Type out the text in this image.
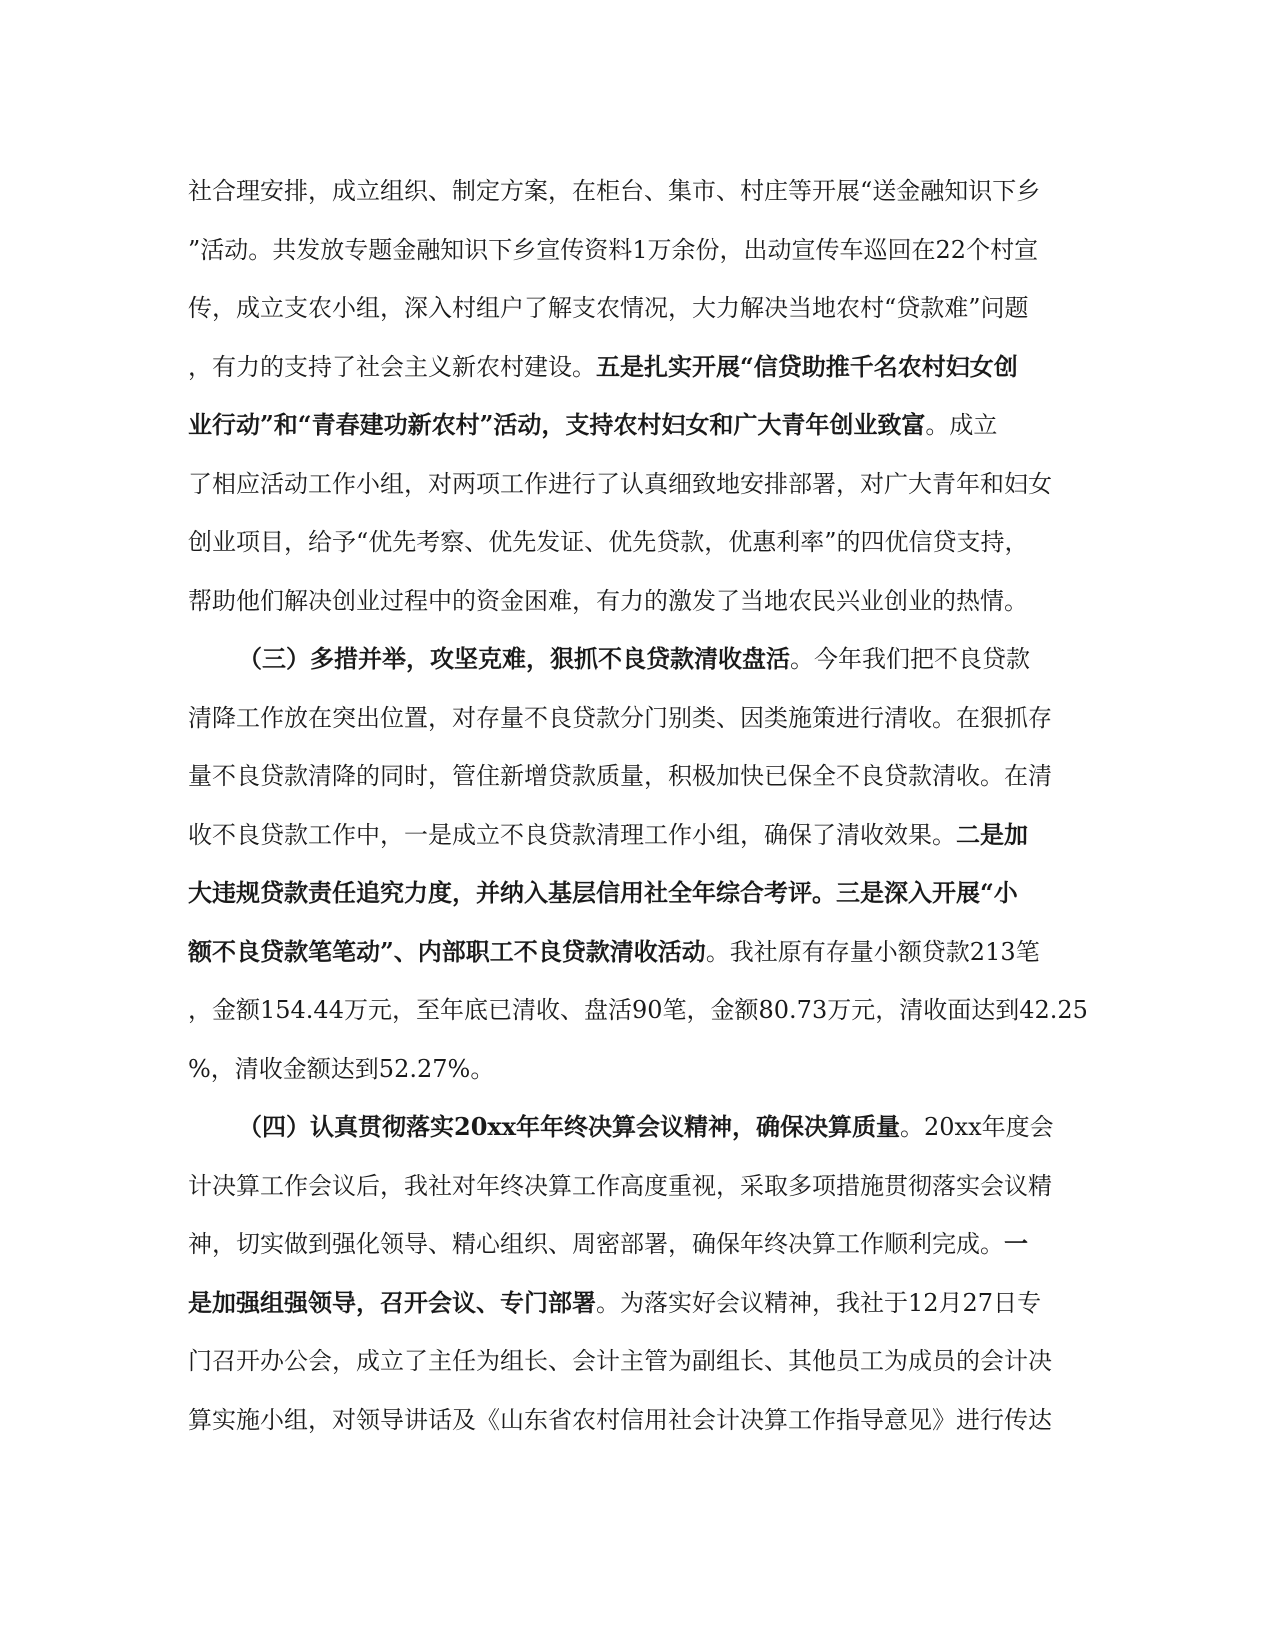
社合理安排，成立组织、制定方案，在柜台、集市、村庄等开展“送金融知识下乡
”活动。共发放专题金融知识下乡宣传资料1万余份，出动宣传车巡回在22个村宣
传，成立支农小组，深入村组户了解支农情况，大力解决当地农村“贷款难”问题
，有力的支持了社会主义新农村建设。五是扎实开展“信贷助推千名农村妇女创
业行动”和“青春建功新农村”活动，支持农村妇女和广大青年创业致富。成立
了相应活动工作小组，对两项工作进行了认真细致地安排部署，对广大青年和妇女
创业项目，给予“优先考察、优先发证、优先贷款，优惠利率”的四优信贷支持，
帮助他们解决创业过程中的资金困难，有力的激发了当地农民兴业创业的热情。
（三）多措并举，攻坚克难，狠抓不良贷款清收盘活。今年我们把不良贷款
清降工作放在突出位置，对存量不良贷款分门别类、因类施策进行清收。在狠抓存
量不良贷款清降的同时，管住新增贷款质量，积极加快已保全不良贷款清收。在清
收不良贷款工作中，一是成立不良贷款清理工作小组，确保了清收效果。二是加
大违规贷款责任追究力度，并纳入基层信用社全年综合考评。三是深入开展“小
额不良贷款笔笔动”、内部职工不良贷款清收活动。我社原有存量小额贷款213笔
，金额154.44万元，至年底已清收、盘活90笔，金额80.73万元，清收面达到42.25
%，清收金额达到52.27%。
（四）认真贯彻落实20xx年年终决算会议精神，确保决算质量。20xx年度会
计决算工作会议后，我社对年终决算工作高度重视，采取多项措施贯彻落实会议精
神，切实做到强化领导、精心组织、周密部署，确保年终决算工作顺利完成。一
是加强组强领导，召开会议、专门部署。为落实好会议精神，我社于12月27日专
门召开办公会，成立了主任为组长、会计主管为副组长、其他员工为成员的会计决
算实施小组，对领导讲话及《山东省农村信用社会计决算工作指导意见》进行传达
